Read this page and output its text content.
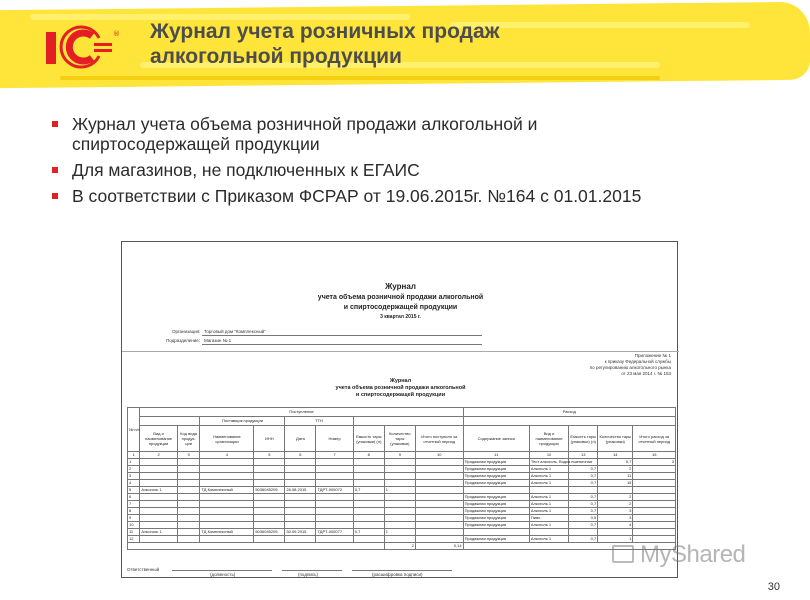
® Журнал учета розничных продаж
алкогольной продукции
Журнал учета объема розничной продажи алкогольной и
спиртосодержащей продукции
Для магазинов, не подключенных к ЕГАИС
В соответствии с Приказом ФСРАР от 19.06.2015г. №164 с 01.01.2015
Журнал
учета объема розничной продажи алкогольной
и спиртосодержащей продукции
3 квартал 2015 г.
Организация: Торговый дом "Комплексный"
Подразделение: Магазин № 1
Приложение № 1
к приказу Федеральной службы
по регулированию алкогольного рынка
от 23 мая 2014 г. № 153
Журнал
учета объема розничной продажи алкогольной
и спиртосодержащей продукции
№ п/п	Поступление									Расход				
			Поставщик продукции		ТТН									
	Вид и наименование продукции	Код вида продук-ции	Наименование организации	ИНН	Дата	Номер	Емкость тары (упаковки) (л)	Количество тары (упаковки)	Итого поступило за отчетный период	Содержание записи	Вид и наименование продукции	Емкость тары (упаковки) (л)	Количество тары (упаковки)	Итого расход за отчетный период
1	2	3	4	5	6	7	8	9	10	11	12	13	14	15
1										Продажная продукция	Тест алкоголь, Водка пшеничная		0,7	3
2										Продажная продукция	Алкоголь 1	0,7	2	
3										Продажная продукция	Алкоголь 1	0,7	11	
4										Продажная продукция	Алкоголь 1	0,7	15	
5	Алкоголь 1		ТД Комплексный	5036045205	26.08.2015	ТДРТ-000072	0,7	1						
6										Продажная продукция	Алкоголь 1	0,7	2	
7										Продажная продукция	Алкоголь 1	0,7	2	
8										Продажная продукция	Алкоголь 1	0,7	3	
9										Продажная продукция	Пиво	0,5	3	
10										Продажная продукция	Алкоголь 1	0,7	4	
11	Алкоголь 1		ТД Комплексный	5036045205	30.09.2015	ТДРТ-000077	0,7	1						
12										Продажная продукция	Алкоголь 1	0,7	1	
								2	0,14					
Ответственный
(должность)	(подпись)	(расшифровка подписи)
MyShared
30
